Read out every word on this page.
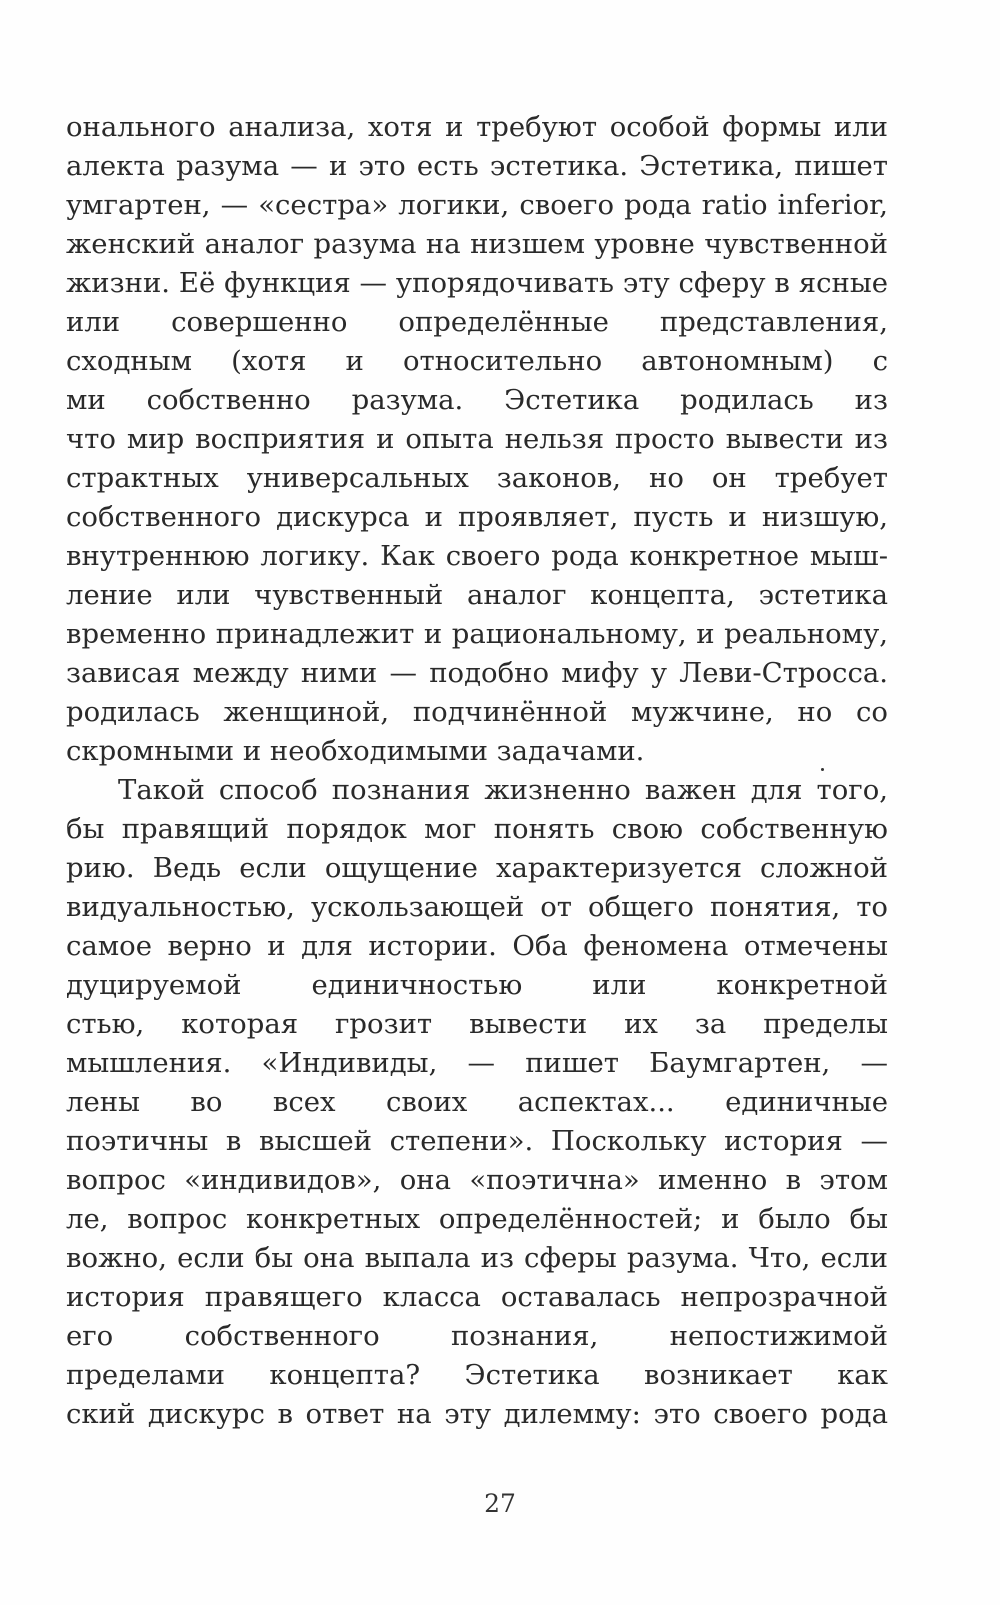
онального анализа, хотя и требуют особой формы или
алекта разума — и это есть эстетика. Эстетика, пишет
умгартен, — «сестра» логики, своего рода ratio inferior,
женский аналог разума на низшем уровне чувственной
жизни. Её функция — упорядочивать эту сферу в ясные
или совершенно определённые представления,
сходным (хотя и относительно автономным) с
ми собственно разума. Эстетика родилась из
что мир восприятия и опыта нельзя просто вывести из
страктных универсальных законов, но он требует
собственного дискурса и проявляет, пусть и низшую,
внутреннюю логику. Как своего рода конкретное мыш-
ление или чувственный аналог концепта, эстетика
временно принадлежит и рациональному, и реальному,
зависая между ними — подобно мифу у Леви-Стросса.
родилась женщиной, подчинённой мужчине, но со
скромными и необходимыми задачами.
Такой способ познания жизненно важен для того,
бы правящий порядок мог понять свою собственную
рию. Ведь если ощущение характеризуется сложной
видуальностью, ускользающей от общего понятия, то
самое верно и для истории. Оба феномена отмечены
дуцируемой единичностью или конкретной
стью, которая грозит вывести их за пределы
мышления. «Индивиды, — пишет Баумгартен, —
лены во всех своих аспектах... единичные
поэтичны в высшей степени». Поскольку история —
вопрос «индивидов», она «поэтична» именно в этом
ле, вопрос конкретных определённостей; и было бы
вожно, если бы она выпала из сферы разума. Что, если
история правящего класса оставалась непрозрачной
его собственного познания, непостижимой
пределами концепта? Эстетика возникает как
ский дискурс в ответ на эту дилемму: это своего рода
27
